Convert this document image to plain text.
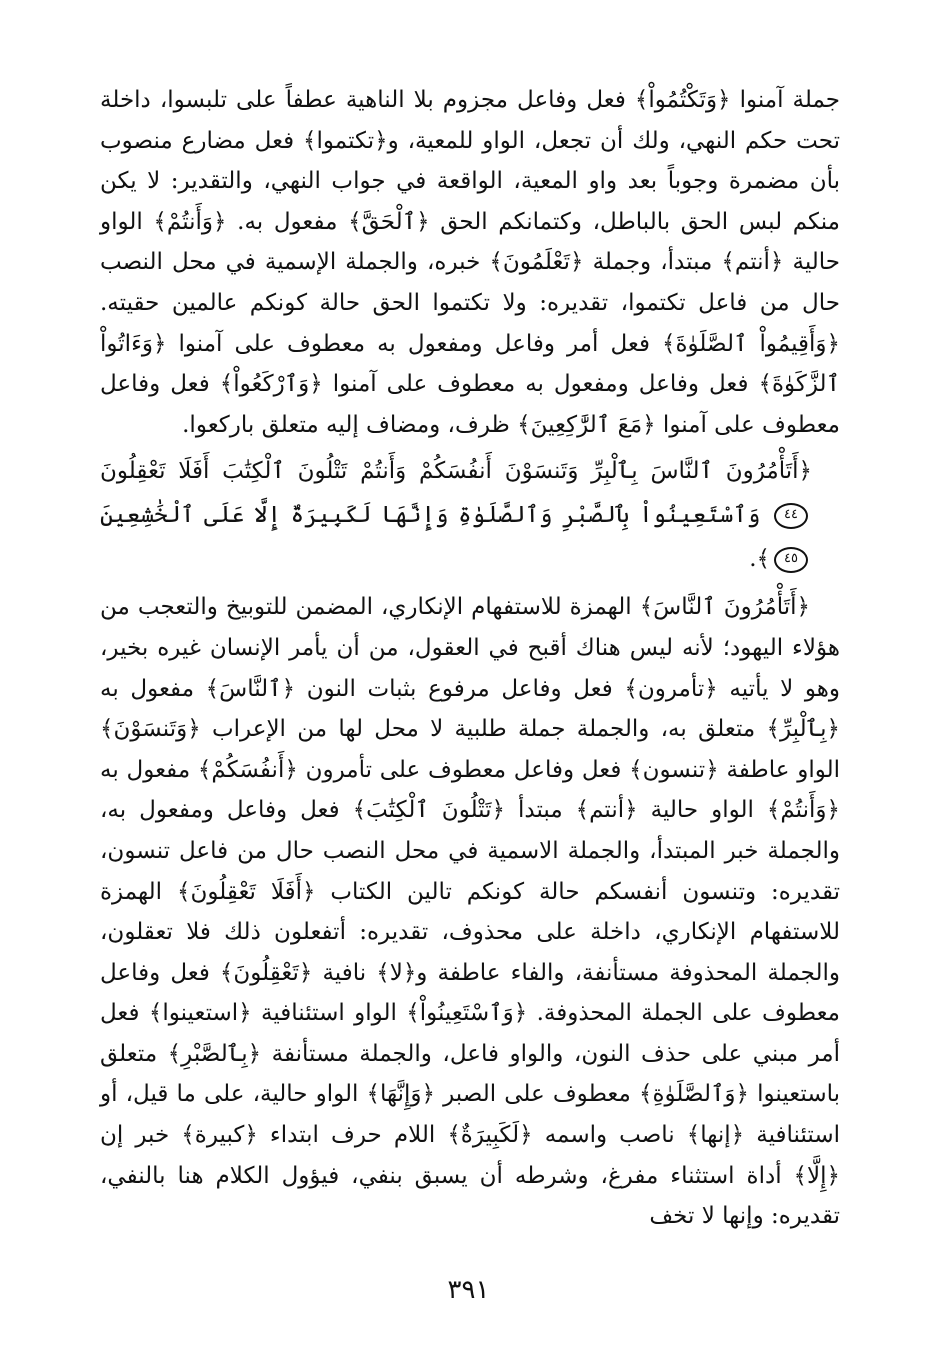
جملة آمنوا ﴿وَتَكْتُمُواْ﴾ فعل وفاعل مجزوم بلا الناهية عطفاً على تلبسوا، داخلة تحت حكم النهي، ولك أن تجعل، الواو للمعية، و﴿تكتموا﴾ فعل مضارع منصوب بأن مضمرة وجوباً بعد واو المعية، الواقعة في جواب النهي، والتقدير: لا يكن منكم لبس الحق بالباطل، وكتمانكم الحق ﴿ٱلْحَقَّ﴾ مفعول به. ﴿وَأَنتُمْ﴾ الواو حالية ﴿أنتم﴾ مبتدأ، وجملة ﴿تَعْلَمُونَ﴾ خبره، والجملة الإسمية في محل النصب حال من فاعل تكتموا، تقديره: ولا تكتموا الحق حالة كونكم عالمين حقيته. ﴿وَأَقِيمُواْ ٱلصَّلَوٰةَ﴾ فعل أمر وفاعل ومفعول به معطوف على آمنوا ﴿وَءَاتُواْ ٱلزَّكَوٰةَ﴾ فعل وفاعل ومفعول به معطوف على آمنوا ﴿وَٱرْكَعُواْ﴾ فعل وفاعل معطوف على آمنوا ﴿مَعَ ٱلرَّٰكِعِينَ﴾ ظرف، ومضاف إليه متعلق باركعوا.

﴿أَتَأْمُرُونَ ٱلنَّاسَ بِٱلْبِرِّ وَتَنسَوْنَ أَنفُسَكُمْ وَأَنتُمْ تَتْلُونَ ٱلْكِتَٰبَ أَفَلَا تَعْقِلُونَ ٤٤ وَٱسْتَعِينُواْ بِٱلصَّبْرِ وَٱلصَّلَوٰةِ وَإِنَّهَا لَكَبِيرَةٌ إِلَّا عَلَى ٱلْخَٰشِعِينَ ٤٥﴾.

﴿أَتَأْمُرُونَ ٱلنَّاسَ﴾ الهمزة للاستفهام الإنكاري، المضمن للتوبيخ والتعجب من هؤلاء اليهود؛ لأنه ليس هناك أقبح في العقول، من أن يأمر الإنسان غيره بخير، وهو لا يأتيه ﴿تأمرون﴾ فعل وفاعل مرفوع بثبات النون ﴿ٱلنَّاسَ﴾ مفعول به ﴿بِٱلْبِرِّ﴾ متعلق به، والجملة جملة طلبية لا محل لها من الإعراب ﴿وَتَنسَوْنَ﴾ الواو عاطفة ﴿تنسون﴾ فعل وفاعل معطوف على تأمرون ﴿أَنفُسَكُمْ﴾ مفعول به ﴿وَأَنتُمْ﴾ الواو حالية ﴿أنتم﴾ مبتدأ ﴿تَتْلُونَ ٱلْكِتَٰبَ﴾ فعل وفاعل ومفعول به، والجملة خبر المبتدأ، والجملة الاسمية في محل النصب حال من فاعل تنسون، تقديره: وتنسون أنفسكم حالة كونكم تالين الكتاب ﴿أَفَلَا تَعْقِلُونَ﴾ الهمزة للاستفهام الإنكاري، داخلة على محذوف، تقديره: أتفعلون ذلك فلا تعقلون، والجملة المحذوفة مستأنفة، والفاء عاطفة و﴿لا﴾ نافية ﴿تَعْقِلُونَ﴾ فعل وفاعل معطوف على الجملة المحذوفة. ﴿وَٱسْتَعِينُواْ﴾ الواو استئنافية ﴿استعينوا﴾ فعل أمر مبني على حذف النون، والواو فاعل، والجملة مستأنفة ﴿بِٱلصَّبْرِ﴾ متعلق باستعينوا ﴿وَٱلصَّلَوٰةِ﴾ معطوف على الصبر ﴿وَإِنَّهَا﴾ الواو حالية، على ما قيل، أو استئنافية ﴿إنها﴾ ناصب واسمه ﴿لَكَبِيرَةٌ﴾ اللام حرف ابتداء ﴿كبيرة﴾ خبر إن ﴿إِلَّا﴾ أداة استثناء مفرغ، وشرطه أن يسبق بنفي، فيؤول الكلام هنا بالنفي، تقديره: وإنها لا تخف

٣٩١
